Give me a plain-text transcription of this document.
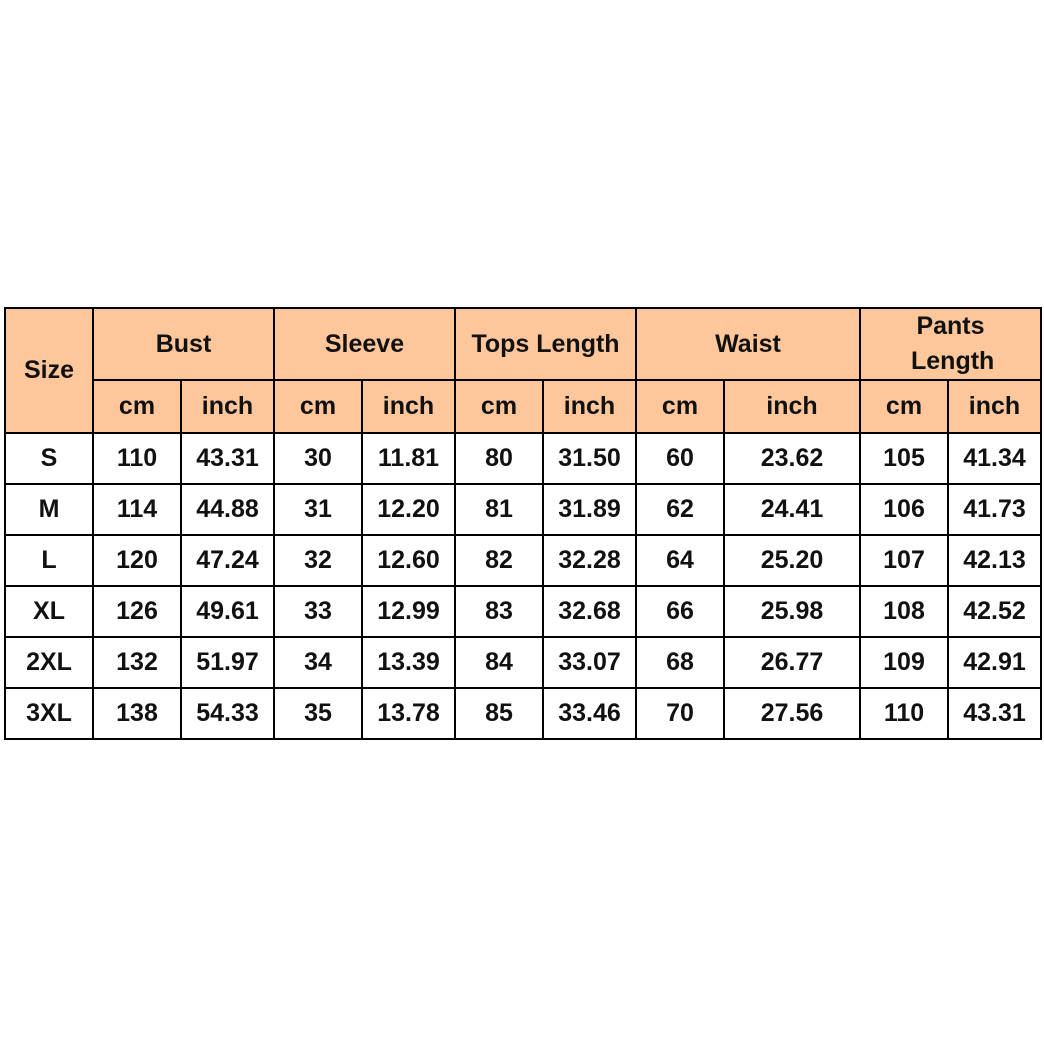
Size	Bust		Sleeve		Tops Length		Waist		Pants Length	
	cm	inch	cm	inch	cm	inch	cm	inch	cm	inch
S	110	43.31	30	11.81	80	31.50	60	23.62	105	41.34
M	114	44.88	31	12.20	81	31.89	62	24.41	106	41.73
L	120	47.24	32	12.60	82	32.28	64	25.20	107	42.13
XL	126	49.61	33	12.99	83	32.68	66	25.98	108	42.52
2XL	132	51.97	34	13.39	84	33.07	68	26.77	109	42.91
3XL	138	54.33	35	13.78	85	33.46	70	27.56	110	43.31
